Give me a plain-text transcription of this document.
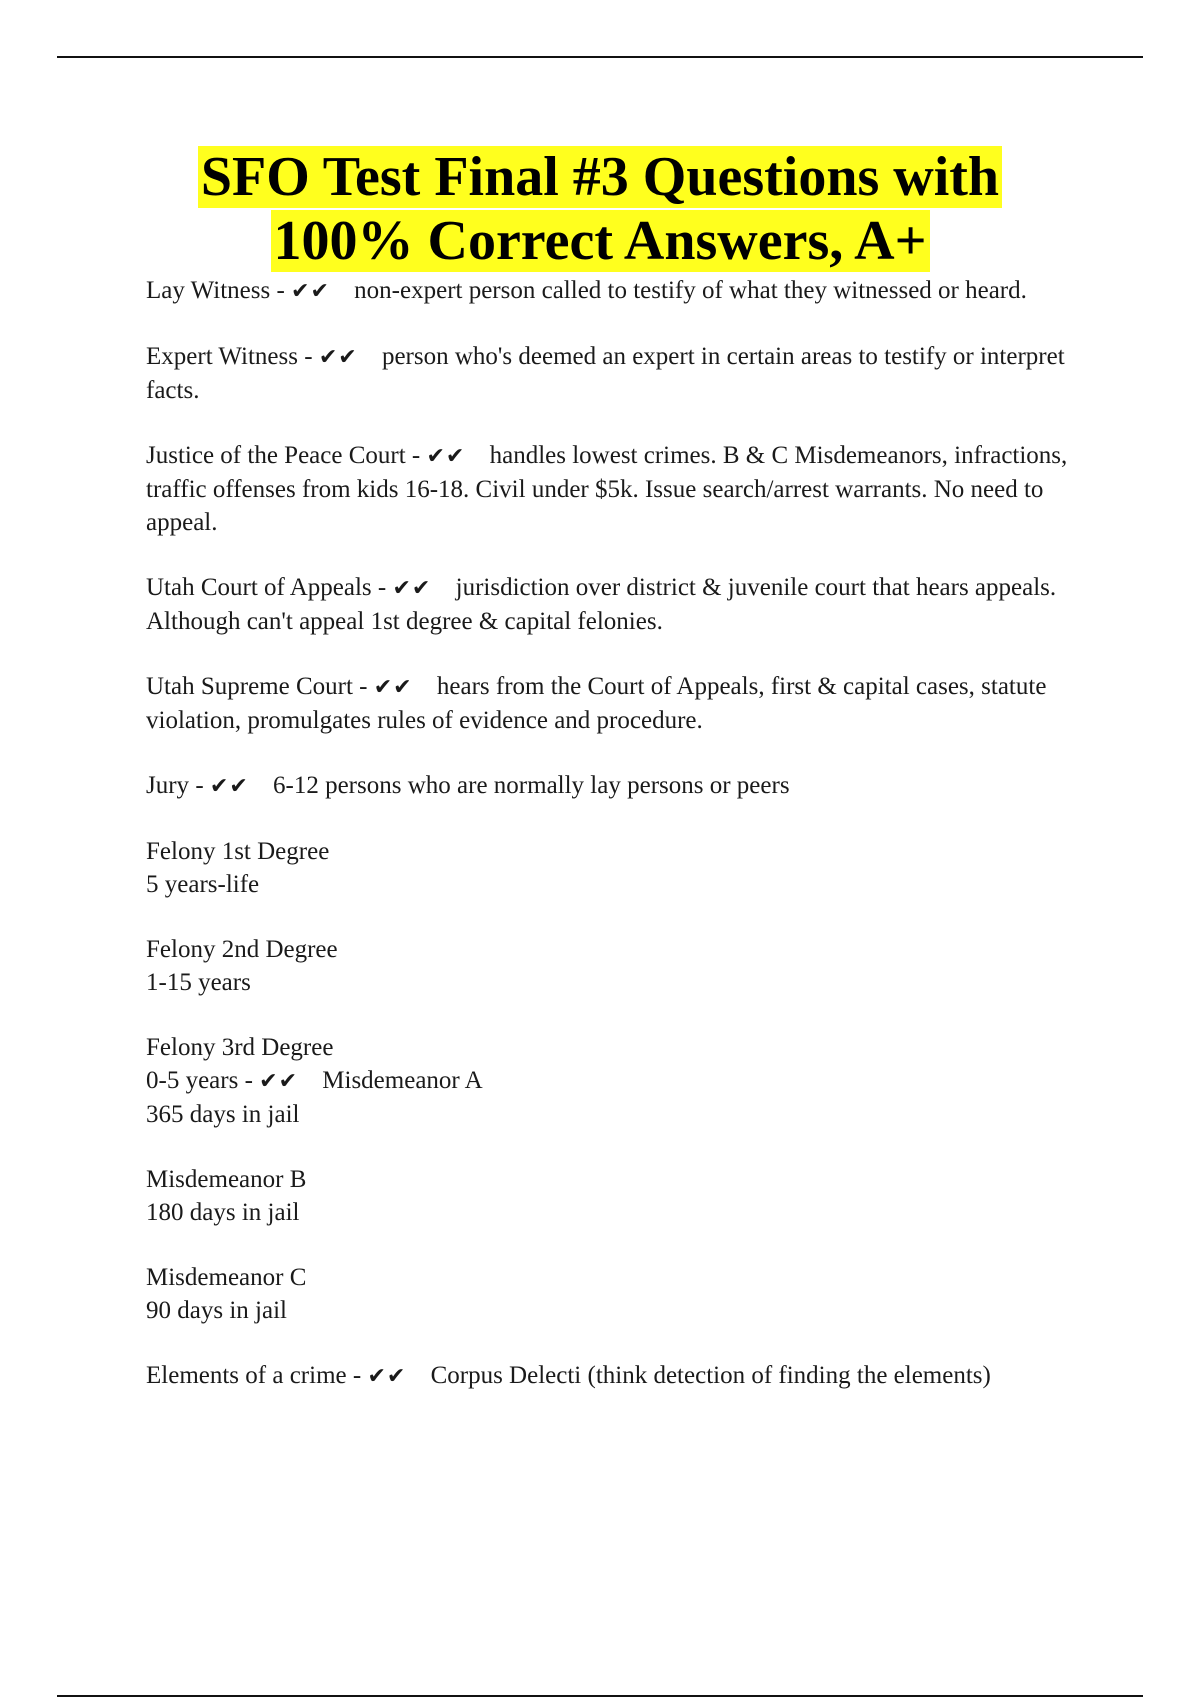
SFO Test Final #3 Questions with
100% Correct Answers, A+
Lay Witness - ✔✔ non-expert person called to testify of what they witnessed or heard.
Expert Witness - ✔✔ person who's deemed an expert in certain areas to testify or interpret facts.
Justice of the Peace Court - ✔✔ handles lowest crimes. B & C Misdemeanors, infractions, traffic offenses from kids 16-18. Civil under $5k. Issue search/arrest warrants. No need to appeal.
Utah Court of Appeals - ✔✔ jurisdiction over district & juvenile court that hears appeals. Although can't appeal 1st degree & capital felonies.
Utah Supreme Court - ✔✔ hears from the Court of Appeals, first & capital cases, statute violation, promulgates rules of evidence and procedure.
Jury - ✔✔ 6-12 persons who are normally lay persons or peers
Felony 1st Degree
5 years-life
Felony 2nd Degree
1-15 years
Felony 3rd Degree
0-5 years - ✔✔ Misdemeanor A
365 days in jail
Misdemeanor B
180 days in jail
Misdemeanor C
90 days in jail
Elements of a crime - ✔✔ Corpus Delecti (think detection of finding the elements)
